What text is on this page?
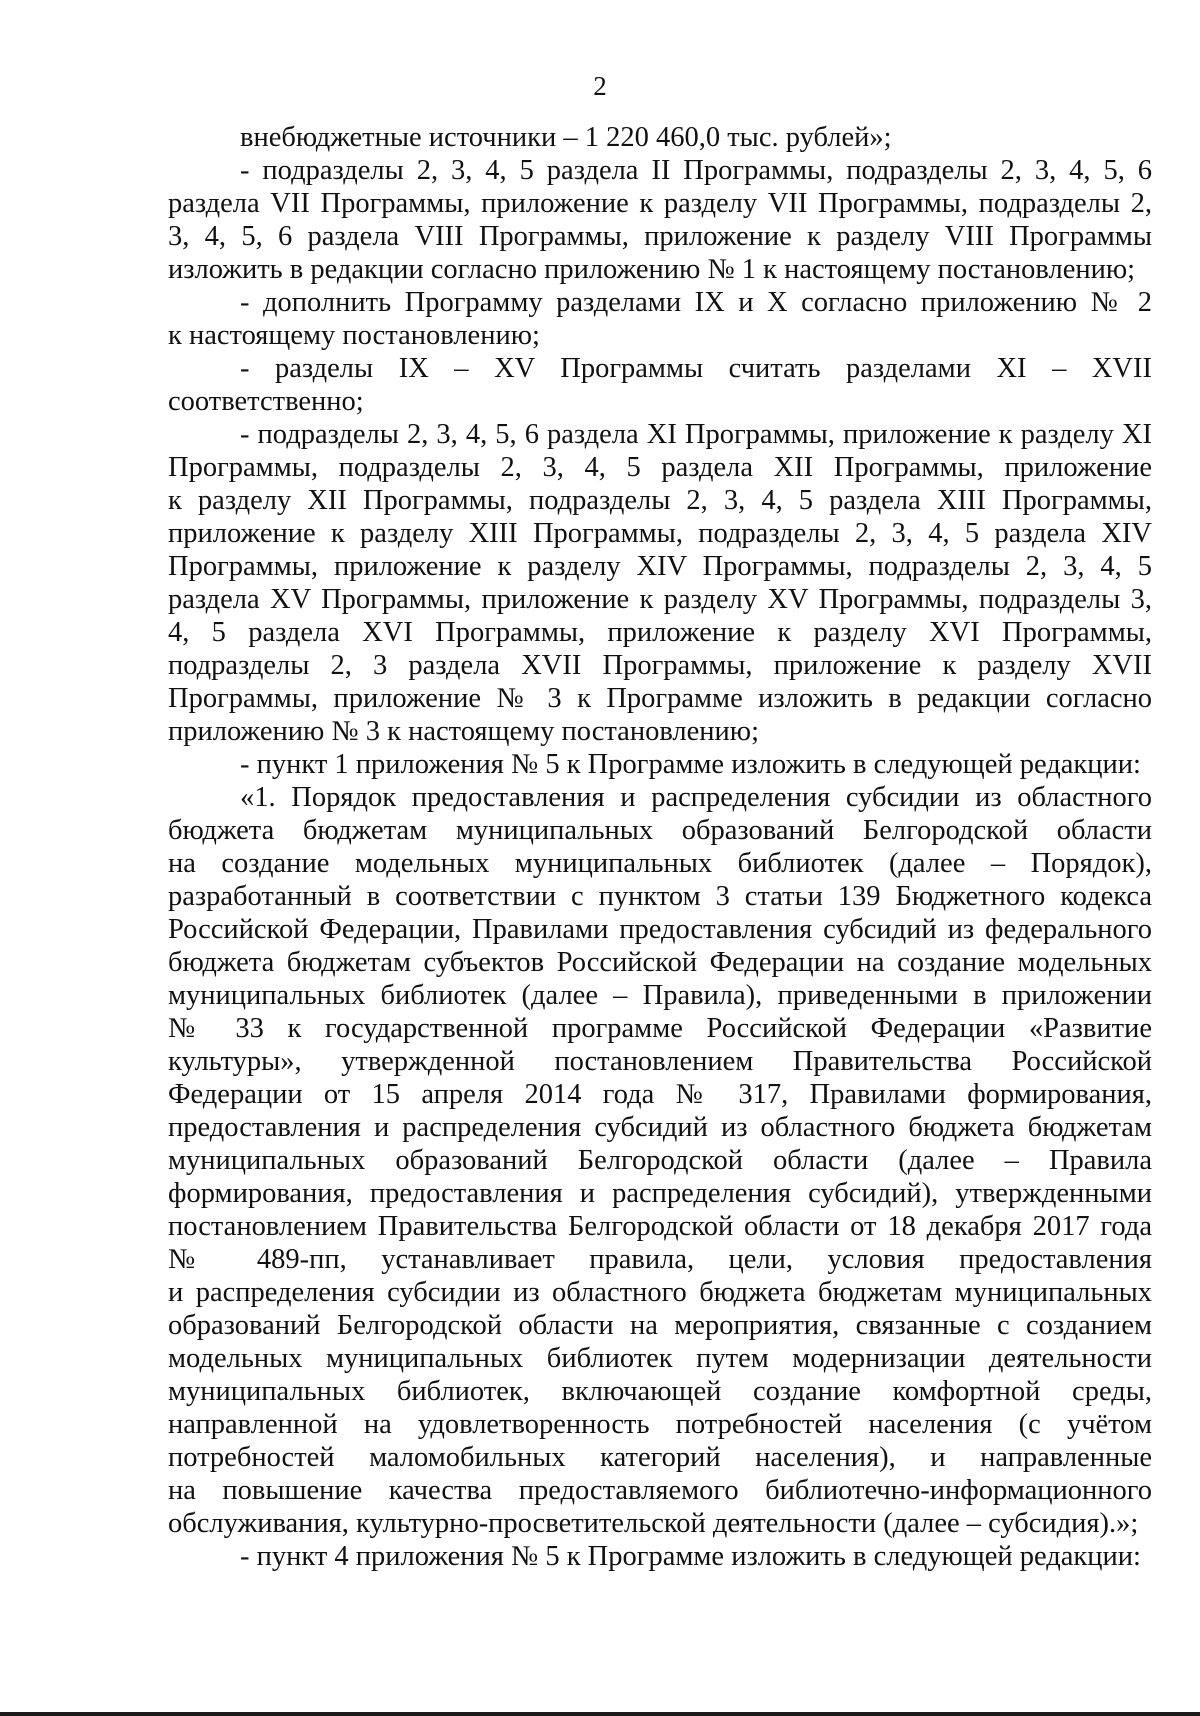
2
внебюджетные источники – 1 220 460,0 тыс. рублей»;
- подразделы 2, 3, 4, 5 раздела II Программы, подразделы 2, 3, 4, 5, 6
раздела VII Программы, приложение к разделу VII Программы, подразделы 2,
3, 4, 5, 6 раздела VIII Программы, приложение к разделу VIII Программы
изложить в редакции согласно приложению № 1 к настоящему постановлению;
- дополнить Программу разделами IX и X согласно приложению № 2
к настоящему постановлению;
- разделы IX – XV Программы считать разделами XI – XVII
соответственно;
- подразделы 2, 3, 4, 5, 6 раздела XI Программы, приложение к разделу XI
Программы, подразделы 2, 3, 4, 5 раздела XII Программы, приложение
к разделу XII Программы, подразделы 2, 3, 4, 5 раздела XIII Программы,
приложение к разделу XIII Программы, подразделы 2, 3, 4, 5 раздела XIV
Программы, приложение к разделу XIV Программы, подразделы 2, 3, 4, 5
раздела XV Программы, приложение к разделу XV Программы, подразделы 3,
4, 5 раздела XVI Программы, приложение к разделу XVI Программы,
подразделы 2, 3 раздела XVII Программы, приложение к разделу XVII
Программы, приложение № 3 к Программе изложить в редакции согласно
приложению № 3 к настоящему постановлению;
- пункт 1 приложения № 5 к Программе изложить в следующей редакции:
«1. Порядок предоставления и распределения субсидии из областного
бюджета бюджетам муниципальных образований Белгородской области
на создание модельных муниципальных библиотек (далее – Порядок),
разработанный в соответствии с пунктом 3 статьи 139 Бюджетного кодекса
Российской Федерации, Правилами предоставления субсидий из федерального
бюджета бюджетам субъектов Российской Федерации на создание модельных
муниципальных библиотек (далее – Правила), приведенными в приложении
№ 33 к государственной программе Российской Федерации «Развитие
культуры», утвержденной постановлением Правительства Российской
Федерации от 15 апреля 2014 года № 317, Правилами формирования,
предоставления и распределения субсидий из областного бюджета бюджетам
муниципальных образований Белгородской области (далее – Правила
формирования, предоставления и распределения субсидий), утвержденными
постановлением Правительства Белгородской области от 18 декабря 2017 года
№ 489-пп, устанавливает правила, цели, условия предоставления
и распределения субсидии из областного бюджета бюджетам муниципальных
образований Белгородской области на мероприятия, связанные с созданием
модельных муниципальных библиотек путем модернизации деятельности
муниципальных библиотек, включающей создание комфортной среды,
направленной на удовлетворенность потребностей населения (с учётом
потребностей маломобильных категорий населения), и направленные
на повышение качества предоставляемого библиотечно-информационного
обслуживания, культурно-просветительской деятельности (далее – субсидия).»;
- пункт 4 приложения № 5 к Программе изложить в следующей редакции:
